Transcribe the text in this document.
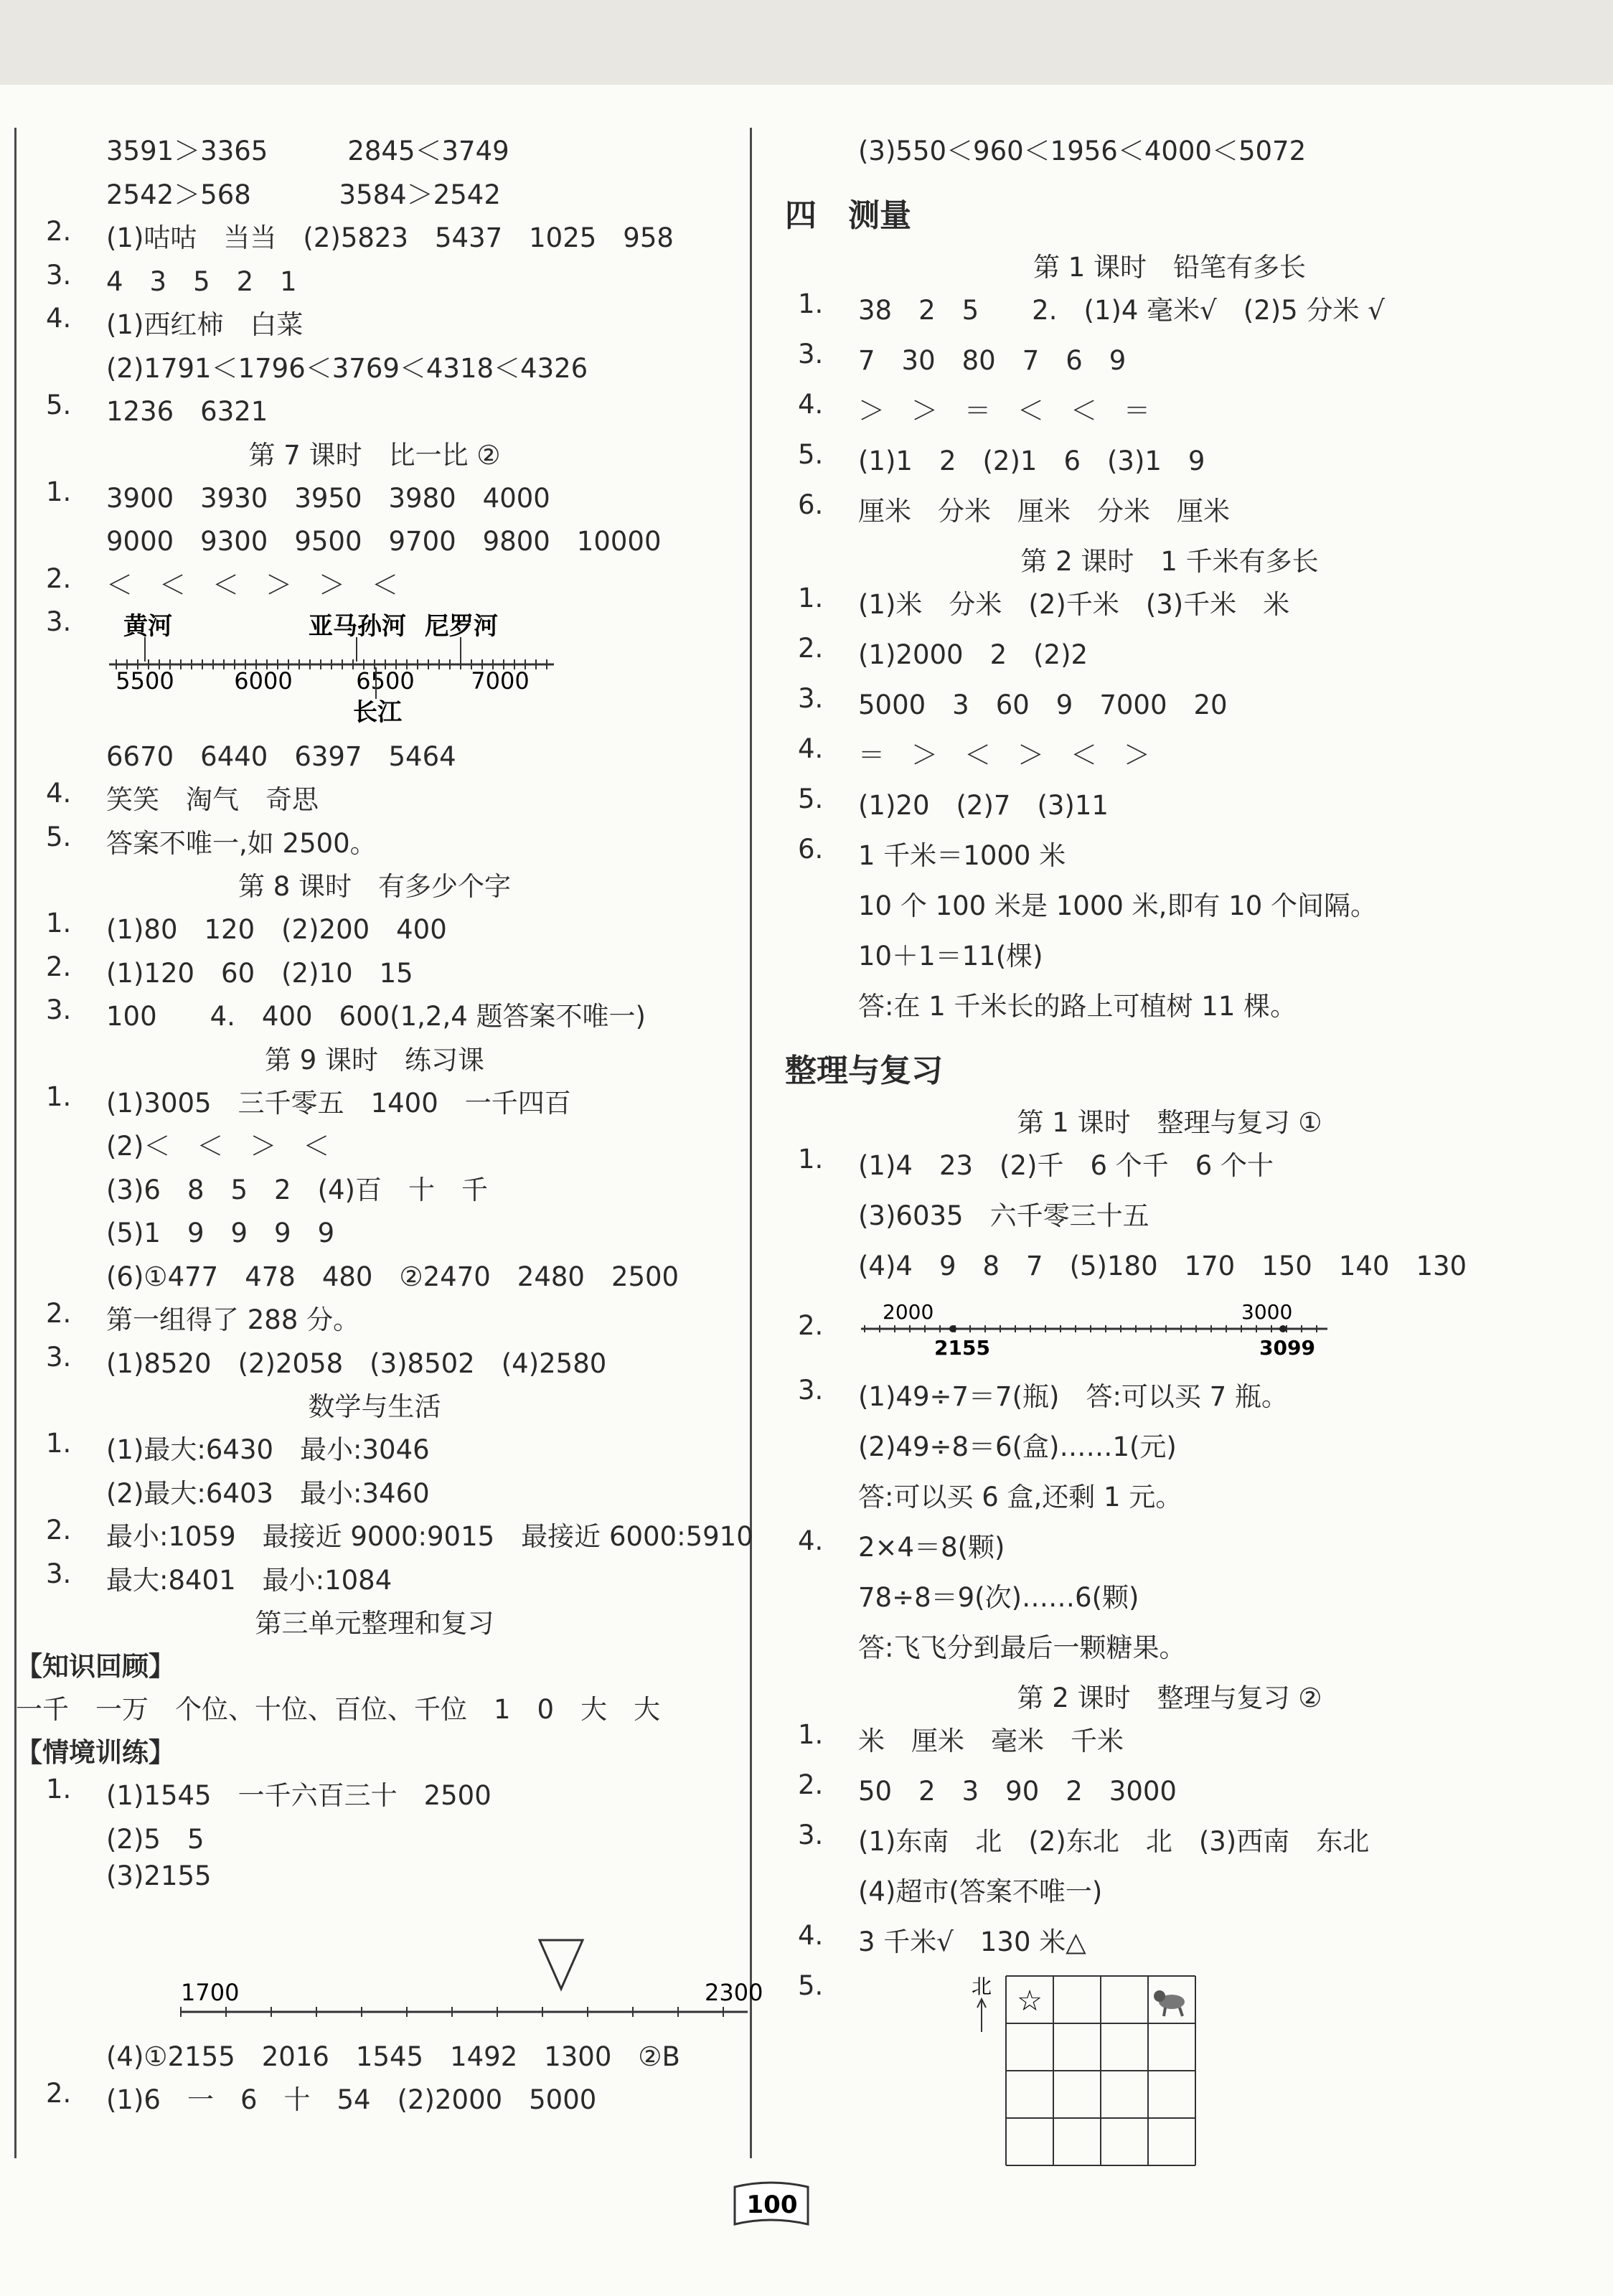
3591＞3365　　　2845＜3749
2542＞568　　　 3584＞2542
2.	(1)咕咕　当当　(2)5823　5437　1025　958
3.	4　3　5　2　1
4.	(1)西红柿　白菜
(2)1791＜1796＜3769＜4318＜4326
5.	1236　6321
第 7 课时　比一比 ②
1.	3900　3930　3950　3980　4000
9000　9300　9500　9700　9800　10000
2.	＜　＜　＜　＞　＞　＜
3.	黄河	亚马孙河 尼罗河
5500	6000	6500 7000
长江
6670　6440　6397　5464
4.	笑笑　淘气　奇思
5.	答案不唯一,如 2500。
第 8 课时　有多少个字
1.	(1)80　120　(2)200　400
2.	(1)120　60　(2)10　15
3.	100　　4.　400　600(1,2,4 题答案不唯一)
第 9 课时　练习课
1.	(1)3005　三千零五　1400　一千四百
(2)＜　＜　＞　＜
(3)6　8　5　2　(4)百　十　千
(5)1　9　9　9　9
(6)①477　478　480　②2470　2480　2500
2.	第一组得了 288 分。
3.	(1)8520　(2)2058　(3)8502　(4)2580
数学与生活
1.	(1)最大:6430　最小:3046
(2)最大:6403　最小:3460
2.	最小:1059　最接近 9000:9015　最接近 6000:5910
3.	最大:8401　最小:1084
第三单元整理和复习
【知识回顾】
一千　一万　个位、十位、百位、千位　1　0　大　大
【情境训练】
1.	(1)1545　一千六百三十　2500
(2)5　5
(3)2155
1700	2300
(4)①2155　2016　1545　1492　1300　②B
2.	(1)6　一　6　十　54　(2)2000　5000
(3)550＜960＜1956＜4000＜5072
四　测量
第 1 课时　铅笔有多长
1.	38　2　5　　2.　(1)4 毫米√　(2)5 分米 √
3.	7　30　80　7　6　9
4.	＞　＞　＝　＜　＜　＝
5.	(1)1　2　(2)1　6　(3)1　9
6.	厘米　分米　厘米　分米　厘米
第 2 课时　1 千米有多长
1.	(1)米　分米　(2)千米　(3)千米　米
2.	(1)2000　2　(2)2
3.	5000　3　60　9　7000　20
4.	＝　＞　＜　＞　＜　＞
5.	(1)20　(2)7　(3)11
6.	1 千米＝1000 米
10 个 100 米是 1000 米,即有 10 个间隔。
10＋1＝11(棵)
答:在 1 千米长的路上可植树 11 棵。
整理与复习
第 1 课时　整理与复习 ①
1.	(1)4　23　(2)千　6 个千　6 个十
(3)6035　六千零三十五
(4)4　9　8　7　(5)180　170　150　140　130
2.	2000	3000
2155	3099
3.	(1)49÷7＝7(瓶)　答:可以买 7 瓶。
(2)49÷8＝6(盒)……1(元)
答:可以买 6 盒,还剩 1 元。
4.	2×4＝8(颗)
78÷8＝9(次)……6(颗)
答:飞飞分到最后一颗糖果。
第 2 课时　整理与复习 ②
1.	米　厘米　毫米　千米
2.	50　2　3　90　2　3000
3.	(1)东南　北　(2)东北　北　(3)西南　东北
(4)超市(答案不唯一)
4.	3 千米√　130 米△
5.	北 ☆
100
